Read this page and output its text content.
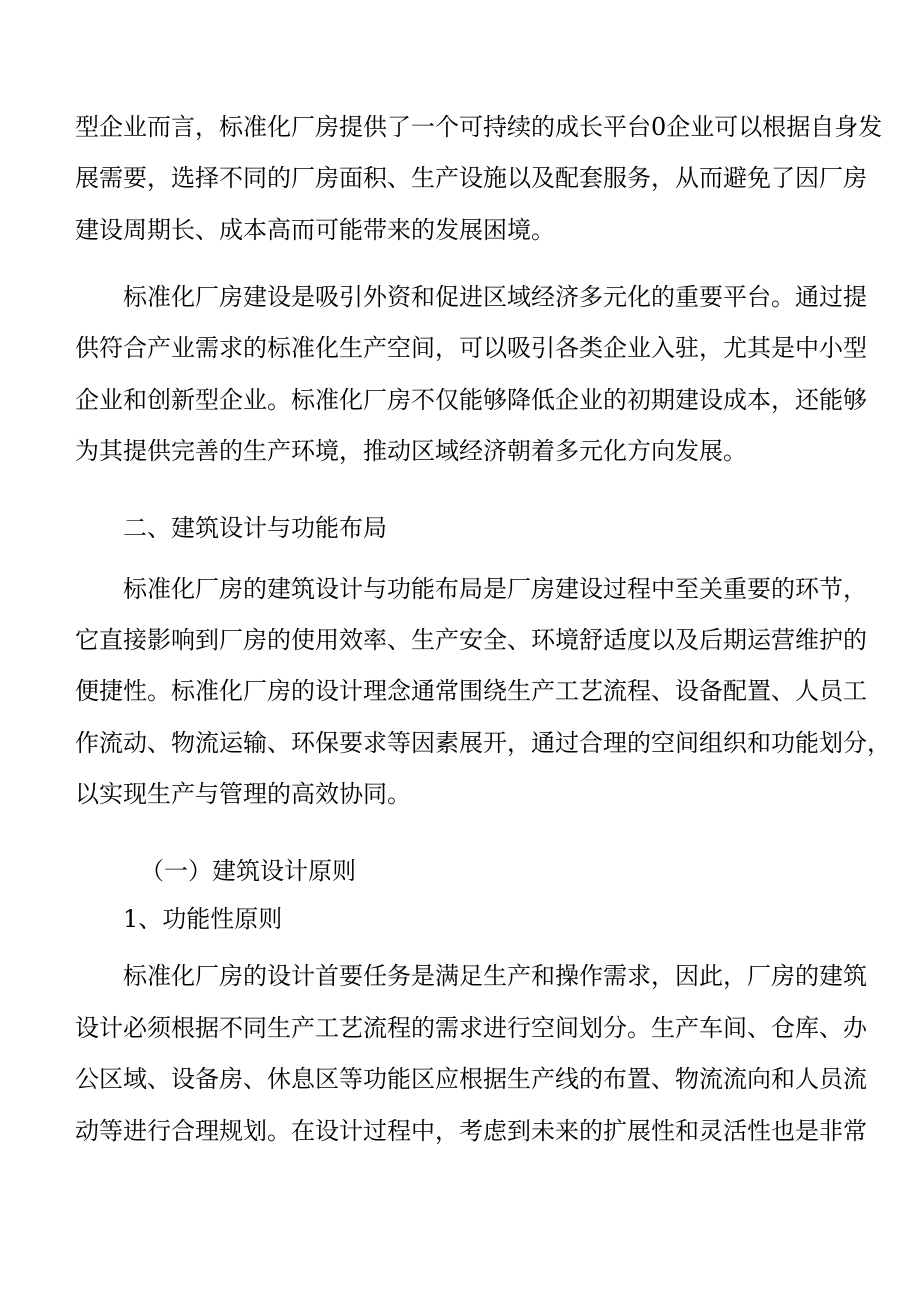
型企业而言，标准化厂房提供了一个可持续的成长平台0企业可以根据自身发
展需要，选择不同的厂房面积、生产设施以及配套服务，从而避免了因厂房
建设周期长、成本高而可能带来的发展困境。
标准化厂房建设是吸引外资和促进区域经济多元化的重要平台。通过提
供符合产业需求的标准化生产空间，可以吸引各类企业入驻，尤其是中小型
企业和创新型企业。标准化厂房不仅能够降低企业的初期建设成本，还能够
为其提供完善的生产环境，推动区域经济朝着多元化方向发展。
二、建筑设计与功能布局
标准化厂房的建筑设计与功能布局是厂房建设过程中至关重要的环节，
它直接影响到厂房的使用效率、生产安全、环境舒适度以及后期运营维护的
便捷性。标准化厂房的设计理念通常围绕生产工艺流程、设备配置、人员工
作流动、物流运输、环保要求等因素展开，通过合理的空间组织和功能划分，
以实现生产与管理的高效协同。
（一）建筑设计原则
1、功能性原则
标准化厂房的设计首要任务是满足生产和操作需求，因此，厂房的建筑
设计必须根据不同生产工艺流程的需求进行空间划分。生产车间、仓库、办
公区域、设备房、休息区等功能区应根据生产线的布置、物流流向和人员流
动等进行合理规划。在设计过程中，考虑到未来的扩展性和灵活性也是非常
